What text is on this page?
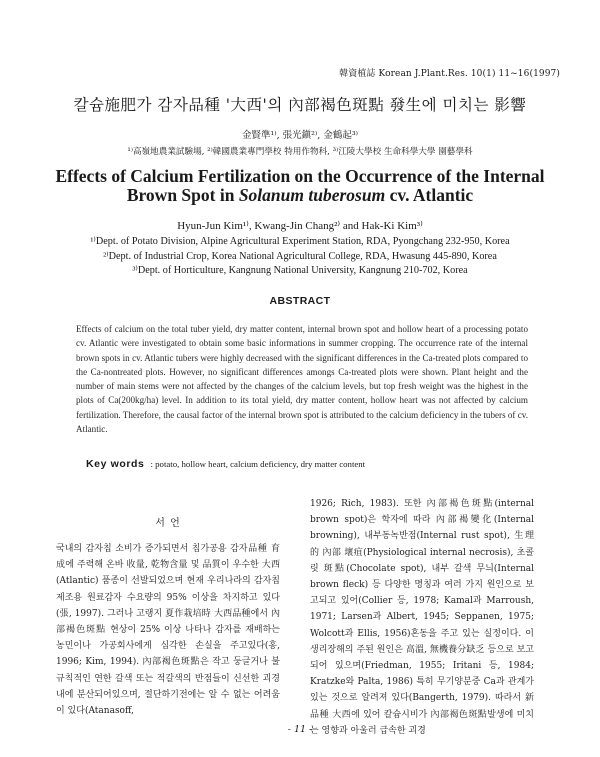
韓資植誌 Korean J.Plant.Res. 10(1) 11~16(1997)
칼슘施肥가 감자品種 '大西'의 內部褐色斑點 發生에 미치는 影響
金賢準¹⁾, 張光鎭²⁾, 金鶴起³⁾
¹⁾高嶺地農業試驗場, ²⁾韓國農業專門學校 特用作物科, ³⁾江陵大學校 生命科學大學 園藝學科
Effects of Calcium Fertilization on the Occurrence of the Internal
Brown Spot in Solanum tuberosum cv. Atlantic
Hyun-Jun Kim¹⁾, Kwang-Jin Chang²⁾ and Hak-Ki Kim³⁾
¹⁾Dept. of Potato Division, Alpine Agricultural Experiment Station, RDA, Pyongchang 232-950, Korea
²⁾Dept. of Industrial Crop, Korea National Agricultural College, RDA, Hwasung 445-890, Korea
³⁾Dept. of Horticulture, Kangnung National University, Kangnung 210-702, Korea
ABSTRACT
Effects of calcium on the total tuber yield, dry matter content, internal brown spot and hollow heart of a processing potato cv. Atlantic were investigated to obtain some basic informations in summer cropping. The occurrence rate of the internal brown spots in cv. Atlantic tubers were highly decreased with the significant differences in the Ca-treated plots compared to the Ca-nontreated plots. However, no significant differences amongs Ca-treated plots were shown. Plant height and the number of main stems were not affected by the changes of the calcium levels, but top fresh weight was the highest in the plots of Ca(200kg/ha) level. In addition to its total yield, dry matter content, hollow heart was not affected by calcium fertilization. Therefore, the causal factor of the internal brown spot is attributed to the calcium deficiency in the tubers of cv. Atlantic.
Key words : potato, hollow heart, calcium deficiency, dry matter content
서 언
국내의 감자칩 소비가 증가되면서 칩가공용 감자品種 育成에 주력해 온바 收量, 乾物含量 및 品質이 우수한 大西(Atlantic) 품종이 선발되었으며 현재 우리나라의 감자칩 제조용 원료감자 수요량의 95% 이상을 차지하고 있다(張, 1997). 그러나 고랭지 夏作栽培時 大西品種에서 內部褐色斑點 현상이 25% 이상 나타나 감자를 재배하는 농민이나 가공회사에게 심각한 손실을 주고있다(홍, 1996; Kim, 1994). 內部褐色斑點은 작고 둥글거나 불규칙적인 연한 갈색 또는 적갈색의 반점들이 신선한 괴경내에 분산되어있으며, 절단하기전에는 알 수 없는 어려움이 있다(Atanasoff,
1926; Rich, 1983). 또한 內部褐色斑點(internal brown spot)은 학자에 따라 內部褐變化(Internal browning), 내부동녹반점(Internal rust spot), 生理的 內部 壞疽(Physiological internal necrosis), 초콜릿 斑點(Chocolate spot), 내부 갈색 무늬(Internal brown fleck) 등 다양한 명칭과 여러 가지 원인으로 보고되고 있어(Collier 등, 1978; Kamal과 Marroush, 1971; Larsen과 Albert, 1945; Seppanen, 1975; Wolcott과 Ellis, 1956)혼동을 주고 있는 실정이다. 이 생리장해의 주된 원인은 高溫, 無機養分缺乏 등으로 보고되어 있으며(Friedman, 1955; Iritani 등, 1984; Kratzke와 Palta, 1986) 특히 무기양분중 Ca과 관계가 있는 것으로 알려져 있다(Bangerth, 1979). 따라서 新品種 大西에 있어 칼슘시비가 內部褐色斑點발생에 미치는 영향과 아울러 급속한 괴경
- 11 -
